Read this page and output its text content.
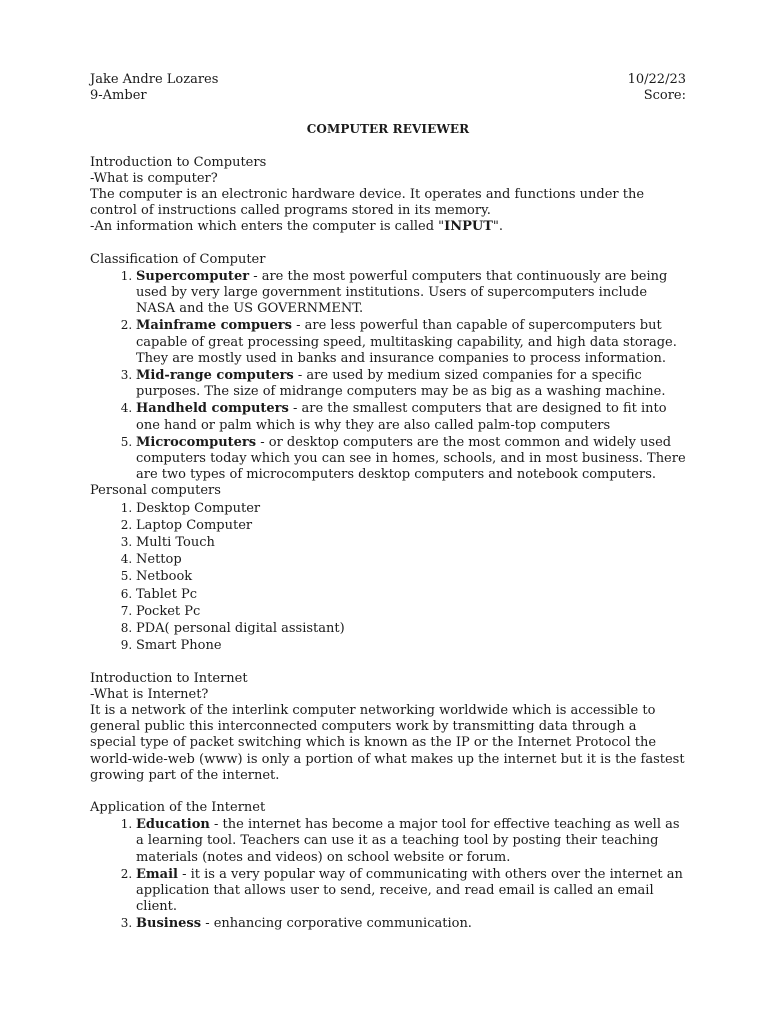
Jake Andre Lozares
9-Amber
10/22/23
Score:
COMPUTER REVIEWER

Introduction to Computers

-What is computer?

The computer is an electronic hardware device. It operates and functions under the control of instructions called programs stored in its memory.

-An information which enters the computer is called "INPUT".

Classification of Computer

1. Supercomputer - are the most powerful computers that continuously are being used by very large government institutions. Users of supercomputers include NASA and the US GOVERNMENT.
2. Mainframe compuers - are less powerful than capable of supercomputers but capable of great processing speed, multitasking capability, and high data storage. They are mostly used in banks and insurance companies to process information.
3. Mid-range computers - are used by medium sized companies for a specific purposes. The size of midrange computers may be as big as a washing machine.
4. Handheld computers - are the smallest computers that are designed to fit into one hand or palm which is why they are also called palm-top computers
5. Microcomputers - or desktop computers are the most common and widely used computers today which you can see in homes, schools, and in most business. There are two types of microcomputers desktop computers and notebook computers.

Personal computers

1. Desktop Computer
2. Laptop Computer
3. Multi Touch
4. Nettop
5. Netbook
6. Tablet Pc
7. Pocket Pc
8. PDA( personal digital assistant)
9. Smart Phone

Introduction to Internet

-What is Internet?

It is a network of the interlink computer networking worldwide which is accessible to general public this interconnected computers work by transmitting data through a special type of packet switching which is known as the IP or the Internet Protocol the world-wide-web (www) is only a portion of what makes up the internet but it is the fastest growing part of the internet.

Application of the Internet

1. Education - the internet has become a major tool for effective teaching as well as a learning tool. Teachers can use it as a teaching tool by posting their teaching materials (notes and videos) on school website or forum.
2. Email - it is a very popular way of communicating with others over the internet an application that allows user to send, receive, and read email is called an email client.
3. Business - enhancing corporative communication.
